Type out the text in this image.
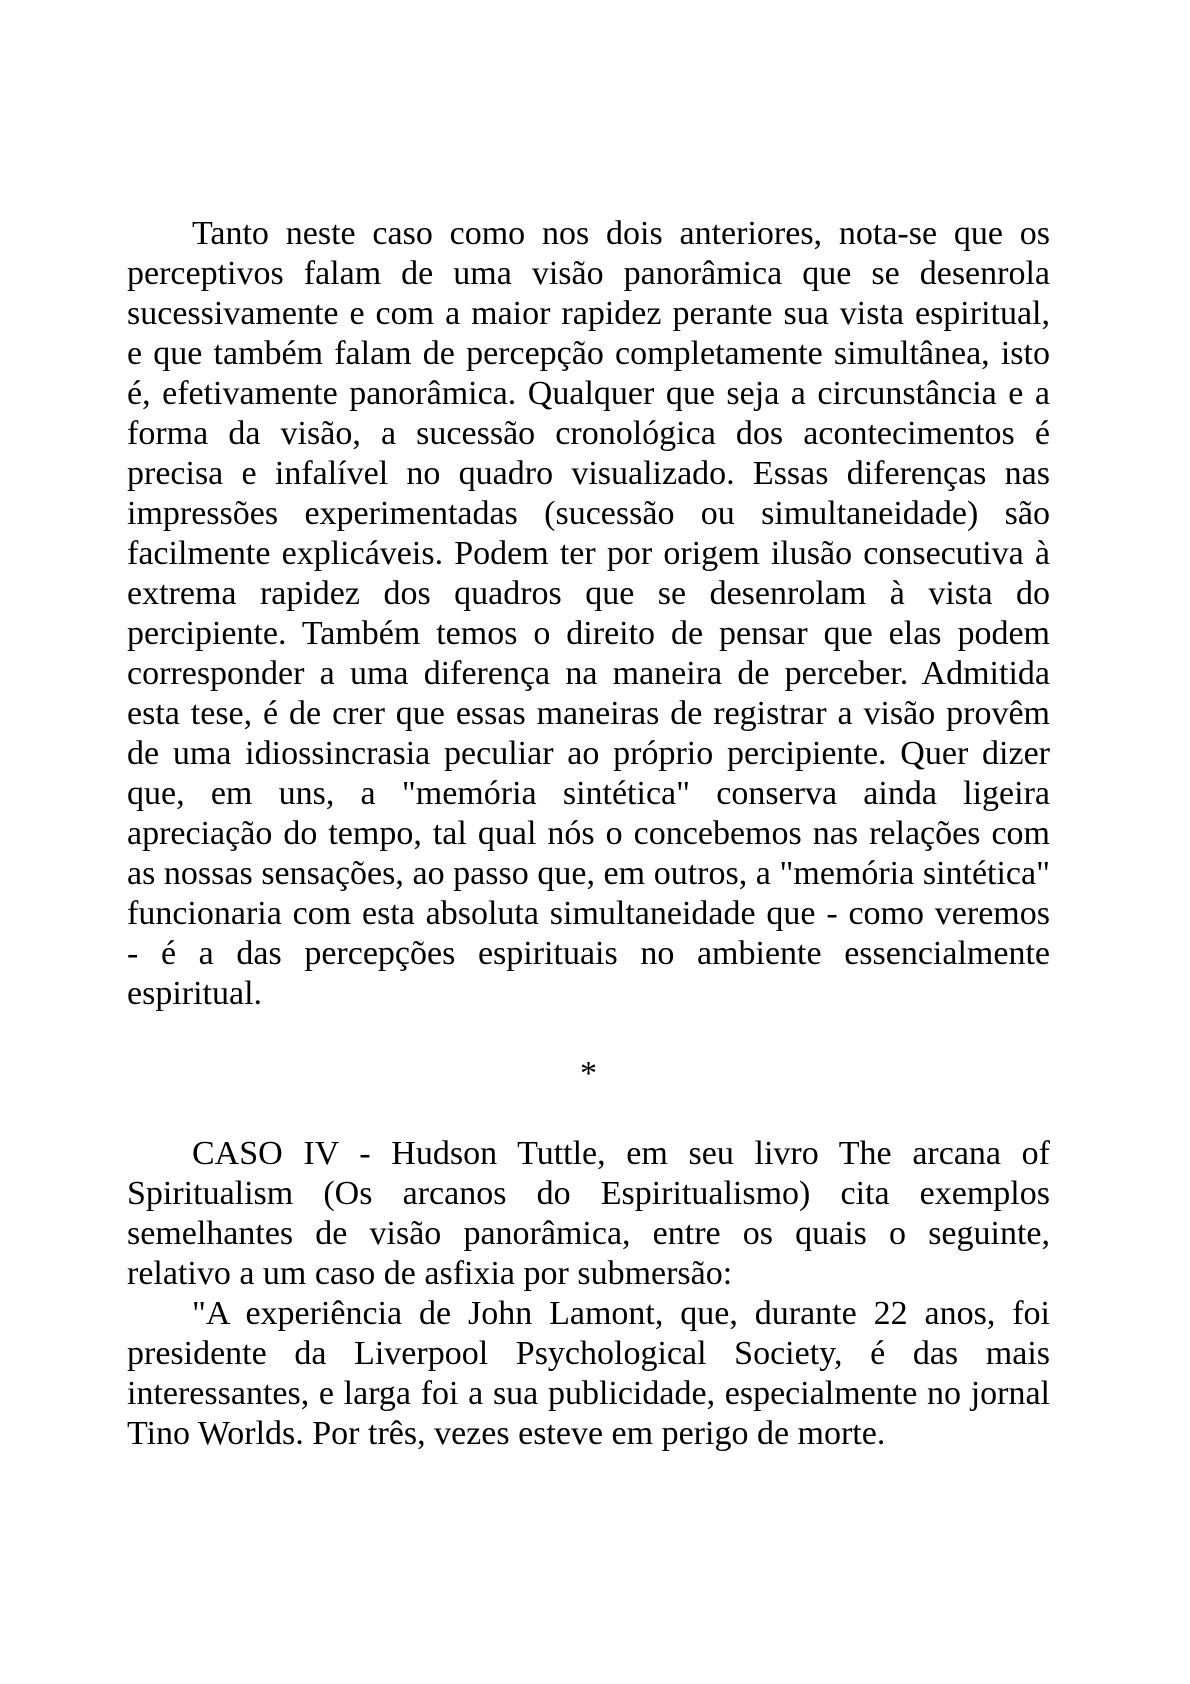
Tanto neste caso como nos dois anteriores, nota-se que os perceptivos falam de uma visão panorâmica que se desenrola sucessivamente e com a maior rapidez perante sua vista espiritual, e que também falam de percepção completamente simultânea, isto é, efetivamente panorâmica. Qualquer que seja a circunstância e a forma da visão, a sucessão cronológica dos acontecimentos é precisa e infalível no quadro visualizado. Essas diferenças nas impressões experimentadas (sucessão ou simultaneidade) são facilmente explicáveis. Podem ter por origem ilusão consecutiva à extrema rapidez dos quadros que se desenrolam à vista do percipiente. Também temos o direito de pensar que elas podem corresponder a uma diferença na maneira de perceber. Admitida esta tese, é de crer que essas maneiras de registrar a visão provêm de uma idiossincrasia peculiar ao próprio percipiente. Quer dizer que, em uns, a "memória sintética" conserva ainda ligeira apreciação do tempo, tal qual nós o concebemos nas relações com as nossas sensações, ao passo que, em outros, a "memória sintética" funcionaria com esta absoluta simultaneidade que - como veremos - é a das percepções espirituais no ambiente essencialmente espiritual.

*

CASO IV - Hudson Tuttle, em seu livro The arcana of Spiritualism (Os arcanos do Espiritualismo) cita exemplos semelhantes de visão panorâmica, entre os quais o seguinte, relativo a um caso de asfixia por submersão:

"A experiência de John Lamont, que, durante 22 anos, foi presidente da Liverpool Psychological Society, é das mais interessantes, e larga foi a sua publicidade, especialmente no jornal Tino Worlds. Por três, vezes esteve em perigo de morte.
